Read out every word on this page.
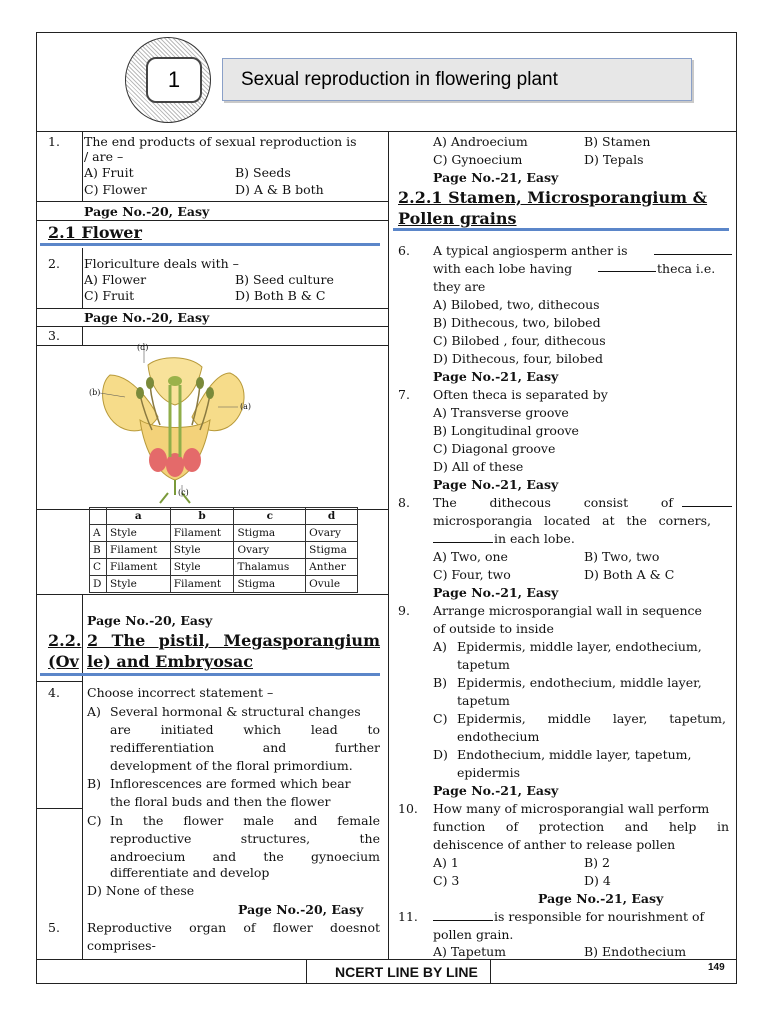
1	Sexual reproduction in flowering plant
1. The end products of sexual reproduction is
/ are –
A) Fruit	B) Seeds
C) Flower	D) A & B both
Page No.-20, Easy
2.1 Flower
2. Floriculture deals with –
A) Flower	B) Seed culture
C) Fruit	D) Both B & C
Page No.-20, Easy
3.
(d)
(b)
(a)
(c)
	a	b	c	d
A	Style	Filament	Stigma	Ovary
B	Filament	Style	Ovary	Stigma
C	Filament	Style	Thalamus	Anther
D	Style	Filament	Stigma	Ovule
Page No.-20, Easy
2.2. 2 The pistil, Megasporangium
(Ov le) and Embryosac
4. Choose incorrect statement –
A) Several hormonal & structural changes
are initiated which lead to
redifferentiation and further
development of the floral primordium.
B) Inflorescences are formed which bear
the floral buds and then the flower
C) In the flower male and female
reproductive structures, the
androecium and the gynoecium
differentiate and develop
D) None of these
Page No.-20, Easy
5. Reproductive organ of flower doesnot
comprises-
A) Androecium	B) Stamen
C) Gynoecium	D) Tepals
Page No.-21, Easy
2.2.1 Stamen, Microsporangium &
Pollen grains
6. A typical angiosperm anther is
with each lobe having	theca i.e.
they are
A) Bilobed, two, dithecous
B) Dithecous, two, bilobed
C) Bilobed , four, dithecous
D) Dithecous, four, bilobed
Page No.-21, Easy
7. Often theca is separated by
A) Transverse groove
B) Longitudinal groove
C) Diagonal groove
D) All of these
Page No.-21, Easy
8. The dithecous consist of
microsporangia located at the corners,
in each lobe.
A) Two, one	B) Two, two
C) Four, two	D) Both A & C
Page No.-21, Easy
9. Arrange microsporangial wall in sequence
of outside to inside
A) Epidermis, middle layer, endothecium,
tapetum
B) Epidermis, endothecium, middle layer,
tapetum
C) Epidermis, middle layer, tapetum,
endothecium
D) Endothecium, middle layer, tapetum,
epidermis
Page No.-21, Easy
10. How many of microsporangial wall perform
function of protection and help in
dehiscence of anther to release pollen
A) 1	B) 2
C) 3	D) 4
Page No.-21, Easy
11.	is responsible for nourishment of
pollen grain.
A) Tapetum	B) Endothecium
NCERT LINE BY LINE	149
